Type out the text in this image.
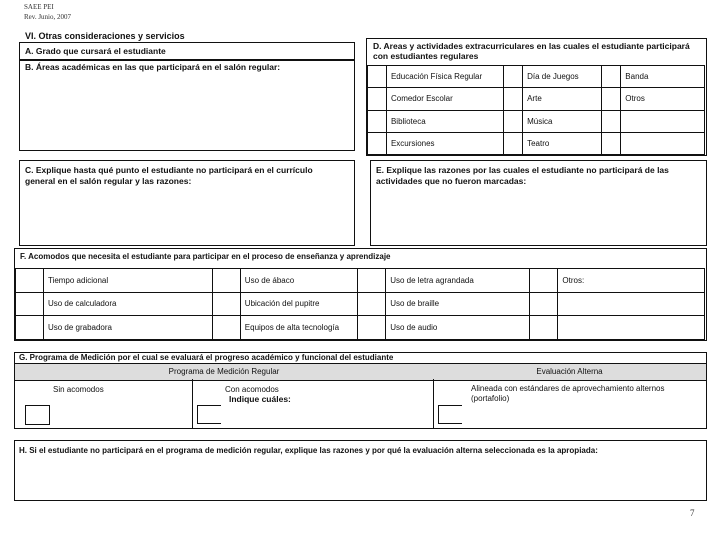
SAEE PEI
Rev. Junio, 2007
VI. Otras consideraciones y servicios
A. Grado que cursará el estudiante
B. Áreas académicas en las que participará en el salón regular:
D. Areas y actividades extracurriculares en las cuales el estudiante participará con estudiantes regulares
	Educación Física Regular		Día de Juegos		Banda
	Comedor Escolar		Arte		Otros
	Biblioteca		Música		
	Excursiones		Teatro		
C. Explique hasta qué punto el estudiante no participará en el currículo general en el salón regular y las razones:
E. Explique las razones por las cuales el estudiante no participará de las actividades que no fueron marcadas:
F. Acomodos que necesita el estudiante para participar en el proceso de enseñanza y aprendizaje
	Tiempo adicional		Uso de ábaco		Uso de letra agrandada		Otros:
	Uso de calculadora		Ubicación del pupitre		Uso de braille		
	Uso de grabadora		Equipos de alta tecnología		Uso de audio		
G. Programa de Medición por el cual se evaluará el progreso académico y funcional del estudiante
Programa de Medición Regular	Evaluación Alterna
Sin acomodos	Con acomodos
Indique cuáles:
Alineada con estándares de aprovechamiento alternos (portafolio)
H. Si el estudiante no participará en el programa de medición regular, explique las razones y por qué la evaluación alterna seleccionada es la apropiada:
7
